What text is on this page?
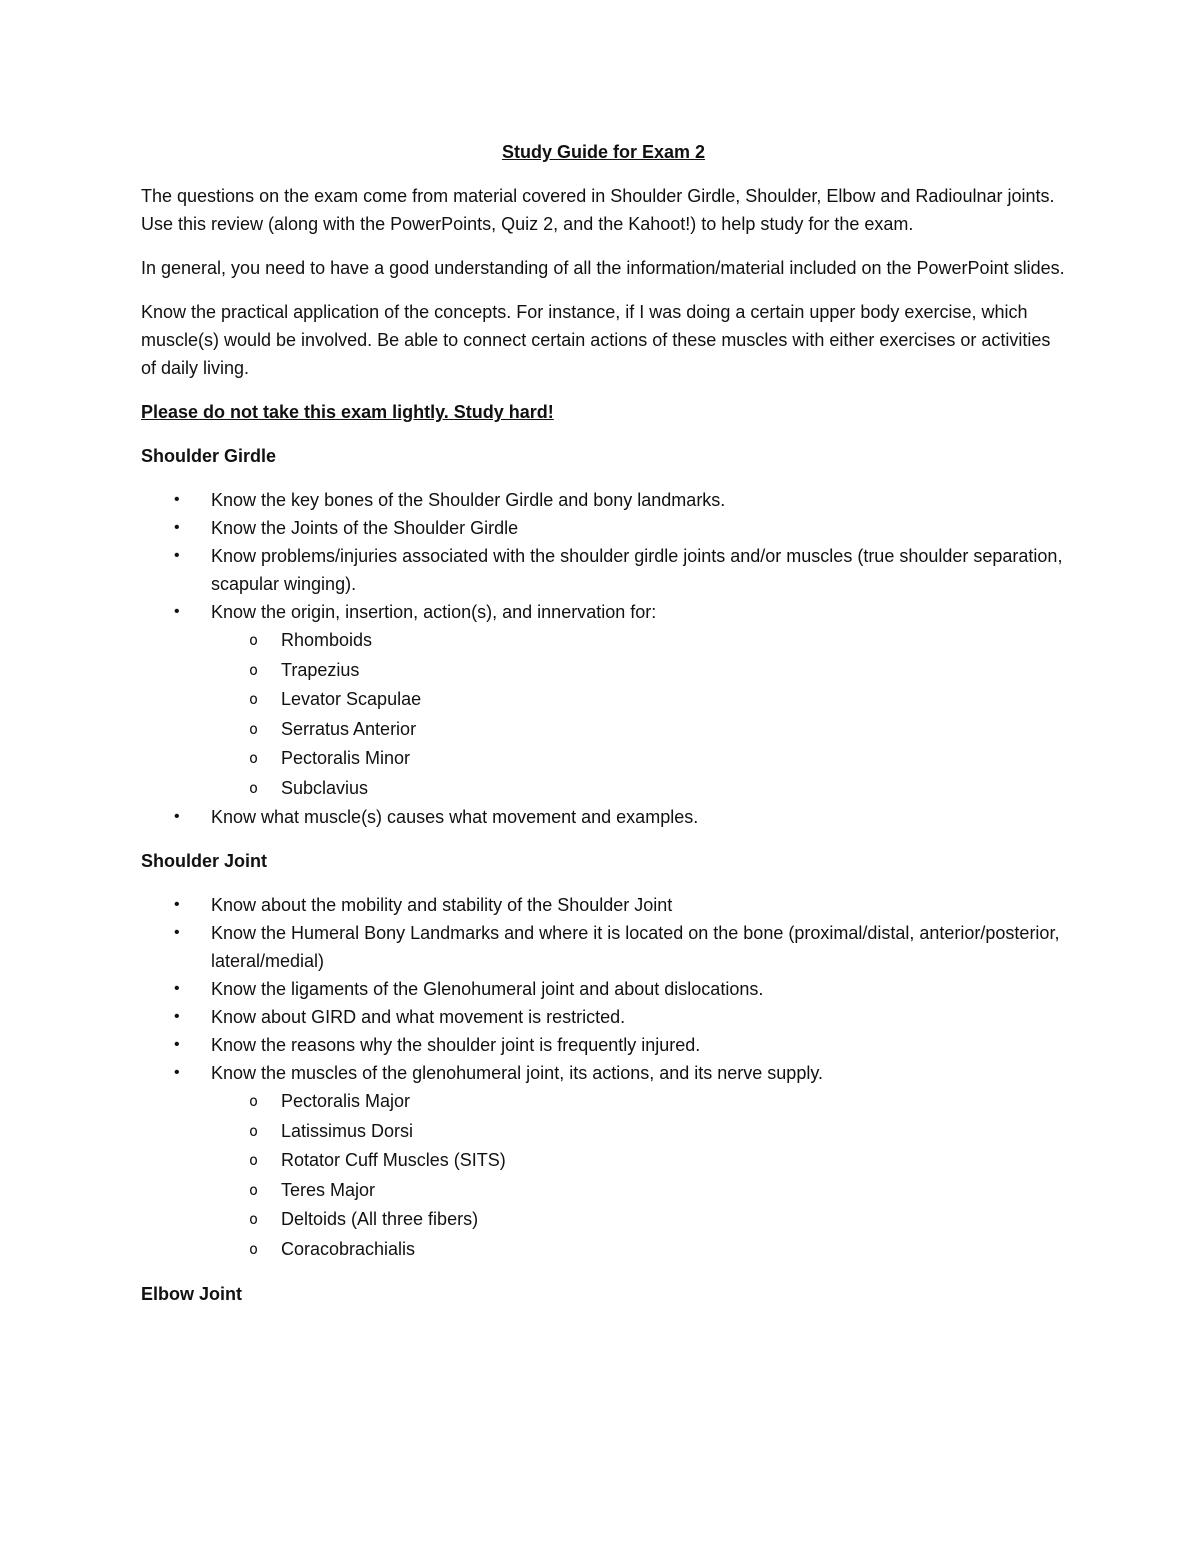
Study Guide for Exam 2

The questions on the exam come from material covered in Shoulder Girdle, Shoulder, Elbow and Radioulnar joints. Use this review (along with the PowerPoints, Quiz 2, and the Kahoot!) to help study for the exam.

In general, you need to have a good understanding of all the information/material included on the PowerPoint slides.

Know the practical application of the concepts. For instance, if I was doing a certain upper body exercise, which muscle(s) would be involved. Be able to connect certain actions of these muscles with either exercises or activities of daily living.

Please do not take this exam lightly. Study hard!
Shoulder Girdle
• Know the key bones of the Shoulder Girdle and bony landmarks.
• Know the Joints of the Shoulder Girdle
• Know problems/injuries associated with the shoulder girdle joints and/or muscles (true shoulder separation, scapular winging).
• Know the origin, insertion, action(s), and innervation for:
o Rhomboids
o Trapezius
o Levator Scapulae
o Serratus Anterior
o Pectoralis Minor
o Subclavius
• Know what muscle(s) causes what movement and examples.
Shoulder Joint
• Know about the mobility and stability of the Shoulder Joint
• Know the Humeral Bony Landmarks and where it is located on the bone (proximal/distal, anterior/posterior, lateral/medial)
• Know the ligaments of the Glenohumeral joint and about dislocations.
• Know about GIRD and what movement is restricted.
• Know the reasons why the shoulder joint is frequently injured.
• Know the muscles of the glenohumeral joint, its actions, and its nerve supply.
o Pectoralis Major
o Latissimus Dorsi
o Rotator Cuff Muscles (SITS)
o Teres Major
o Deltoids (All three fibers)
o Coracobrachialis
Elbow Joint
